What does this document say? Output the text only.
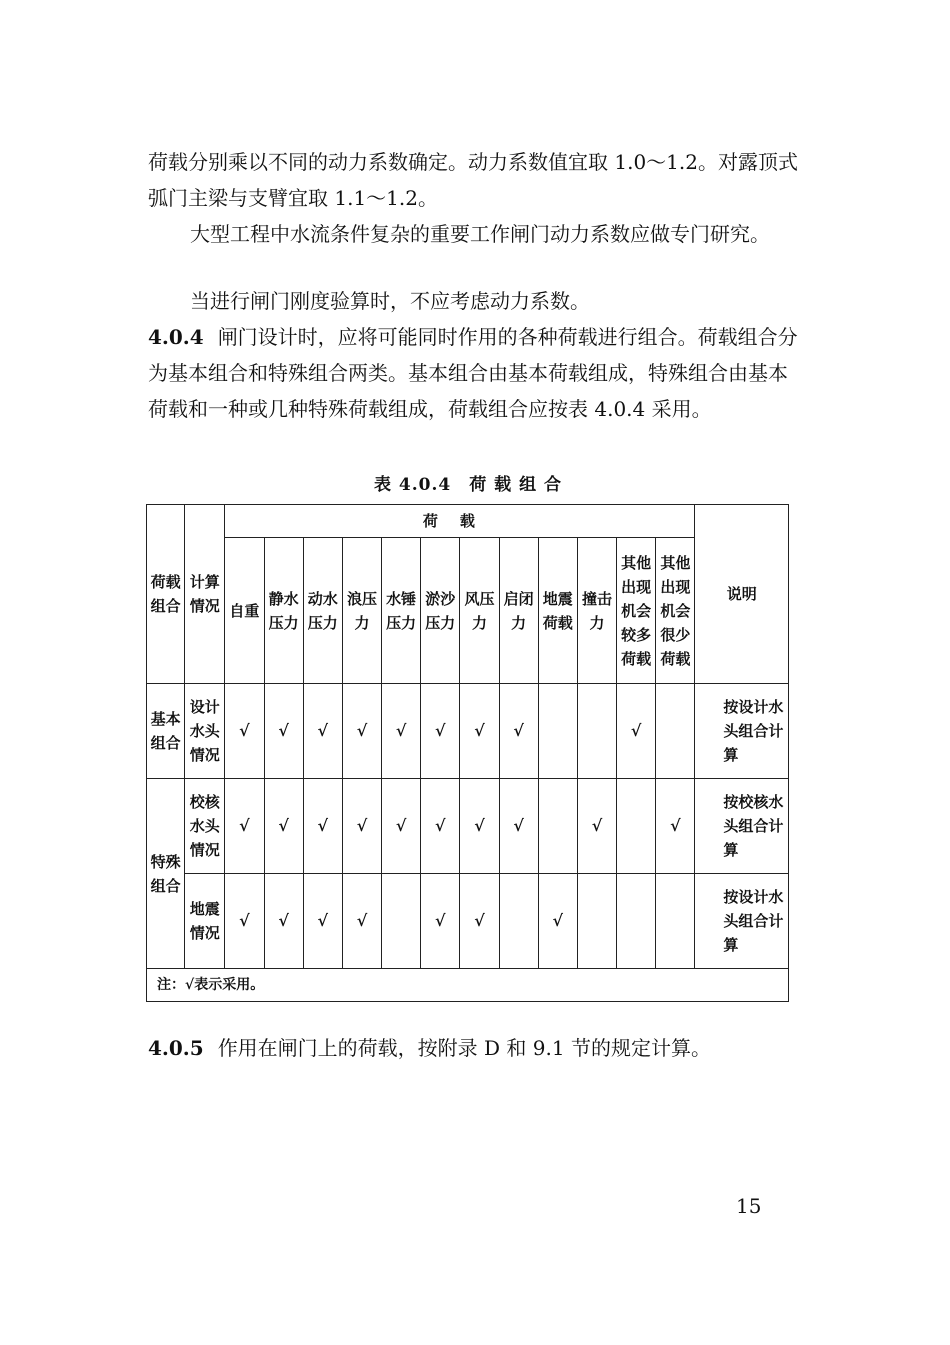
荷载分别乘以不同的动力系数确定。动力系数值宜取 1.0～1.2。对露顶式弧门主梁与支臂宜取 1.1～1.2。

大型工程中水流条件复杂的重要工作闸门动力系数应做专门研究。

当进行闸门刚度验算时，不应考虑动力系数。

4.0.4 闸门设计时，应将可能同时作用的各种荷载进行组合。荷载组合分为基本组合和特殊组合两类。基本组合由基本荷载组成，特殊组合由基本荷载和一种或几种特殊荷载组成，荷载组合应按表 4.0.4 采用。

表 4.0.4　荷 载 组 合
荷载组合	计算情况	荷载												说明
		自重	静水压力	动水压力	浪压力	水锤压力	淤沙压力	风压力	启闭力	地震荷载	撞击力	其他出现机会较多荷载	其他出现机会很少荷载	
基本组合	设计水头情况	√	√	√	√	√	√	√	√			√		按设计水头组合计算
特殊组合	校核水头情况	√	√	√	√	√	√	√	√		√		√	按校核水头组合计算
	地震情况	√	√	√	√		√	√		√				按设计水头组合计算
注：√表示采用。														

4.0.5 作用在闸门上的荷载，按附录 D 和 9.1 节的规定计算。

15
